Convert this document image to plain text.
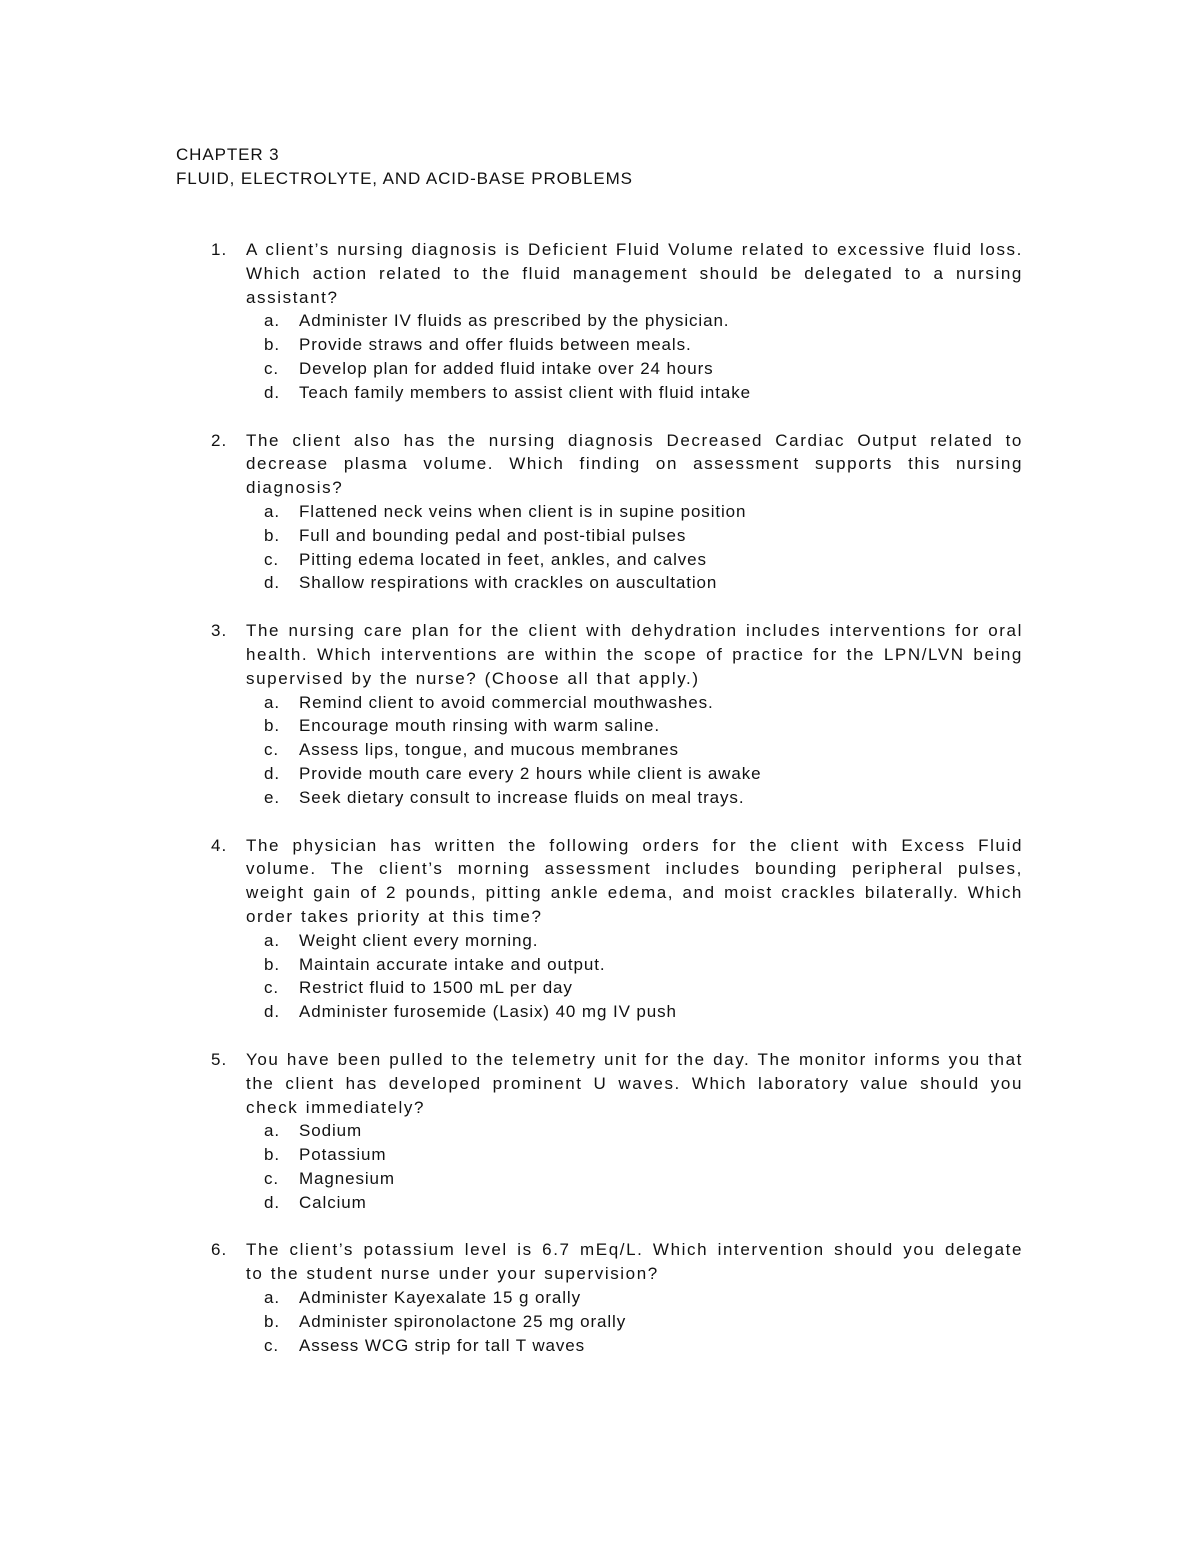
CHAPTER 3
FLUID, ELECTROLYTE, AND ACID-BASE PROBLEMS
1. A client’s nursing diagnosis is Deficient Fluid Volume related to excessive fluid loss. Which action related to the fluid management should be delegated to a nursing assistant?
a. Administer IV fluids as prescribed by the physician.
b. Provide straws and offer fluids between meals.
c. Develop plan for added fluid intake over 24 hours
d. Teach family members to assist client with fluid intake
2. The client also has the nursing diagnosis Decreased Cardiac Output related to decrease plasma volume. Which finding on assessment supports this nursing diagnosis?
a. Flattened neck veins when client is in supine position
b. Full and bounding pedal and post-tibial pulses
c. Pitting edema located in feet, ankles, and calves
d. Shallow respirations with crackles on auscultation
3. The nursing care plan for the client with dehydration includes interventions for oral health. Which interventions are within the scope of practice for the LPN/LVN being supervised by the nurse? (Choose all that apply.)
a. Remind client to avoid commercial mouthwashes.
b. Encourage mouth rinsing with warm saline.
c. Assess lips, tongue, and mucous membranes
d. Provide mouth care every 2 hours while client is awake
e. Seek dietary consult to increase fluids on meal trays.
4. The physician has written the following orders for the client with Excess Fluid volume. The client’s morning assessment includes bounding peripheral pulses, weight gain of 2 pounds, pitting ankle edema, and moist crackles bilaterally. Which order takes priority at this time?
a. Weight client every morning.
b. Maintain accurate intake and output.
c. Restrict fluid to 1500 mL per day
d. Administer furosemide (Lasix) 40 mg IV push
5. You have been pulled to the telemetry unit for the day. The monitor informs you that the client has developed prominent U waves. Which laboratory value should you check immediately?
a. Sodium
b. Potassium
c. Magnesium
d. Calcium
6. The client’s potassium level is 6.7 mEq/L. Which intervention should you delegate to the student nurse under your supervision?
a. Administer Kayexalate 15 g orally
b. Administer spironolactone 25 mg orally
c. Assess WCG strip for tall T waves
